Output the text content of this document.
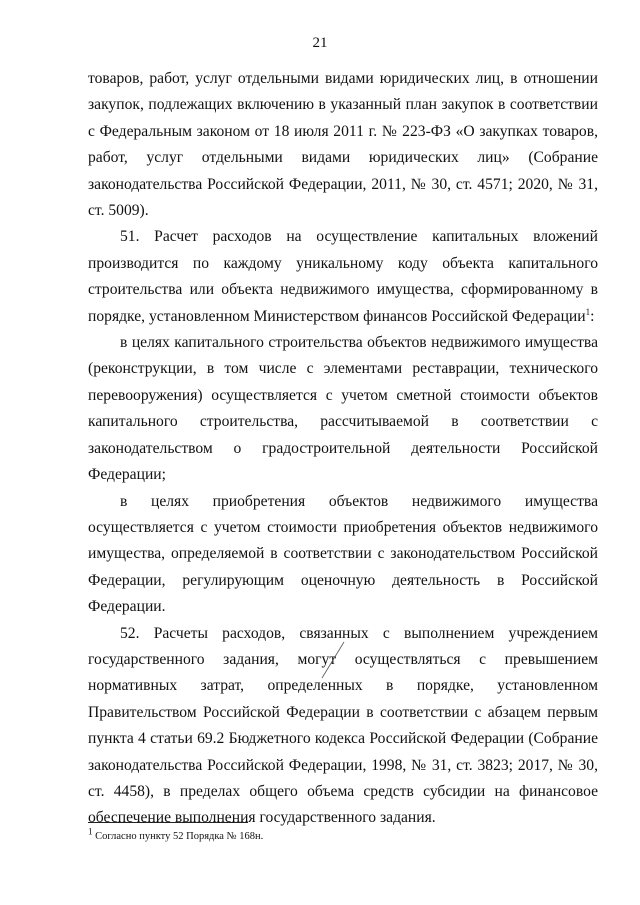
21

товаров, работ, услуг отдельными видами юридических лиц, в отношении закупок, подлежащих включению в указанный план закупок в соответствии с Федеральным законом от 18 июля 2011 г. № 223-ФЗ «О закупках товаров, работ, услуг отдельными видами юридических лиц» (Собрание законодательства Российской Федерации, 2011, № 30, ст. 4571; 2020, № 31, ст. 5009).

51. Расчет расходов на осуществление капитальных вложений производится по каждому уникальному коду объекта капитального строительства или объекта недвижимого имущества, сформированному в порядке, установленном Министерством финансов Российской Федерации$^1$:

в целях капитального строительства объектов недвижимого имущества (реконструкции, в том числе с элементами реставрации, технического перевооружения) осуществляется с учетом сметной стоимости объектов капитального строительства, рассчитываемой в соответствии с законодательством о градостроительной деятельности Российской Федерации;

в целях приобретения объектов недвижимого имущества осуществляется с учетом стоимости приобретения объектов недвижимого имущества, определяемой в соответствии с законодательством Российской Федерации, регулирующим оценочную деятельность в Российской Федерации.

52. Расчеты расходов, связанных с выполнением учреждением государственного задания, могут осуществляться с превышением нормативных затрат, определенных в порядке, установленном Правительством Российской Федерации в соответствии с абзацем первым пункта 4 статьи 69.2 Бюджетного кодекса Российской Федерации (Собрание законодательства Российской Федерации, 1998, № 31, ст. 3823; 2017, № 30, ст. 4458), в пределах общего объема средств субсидии на финансовое обеспечение выполнения государственного задания.

$^1$ Согласно пункту 52 Порядка № 168н.
